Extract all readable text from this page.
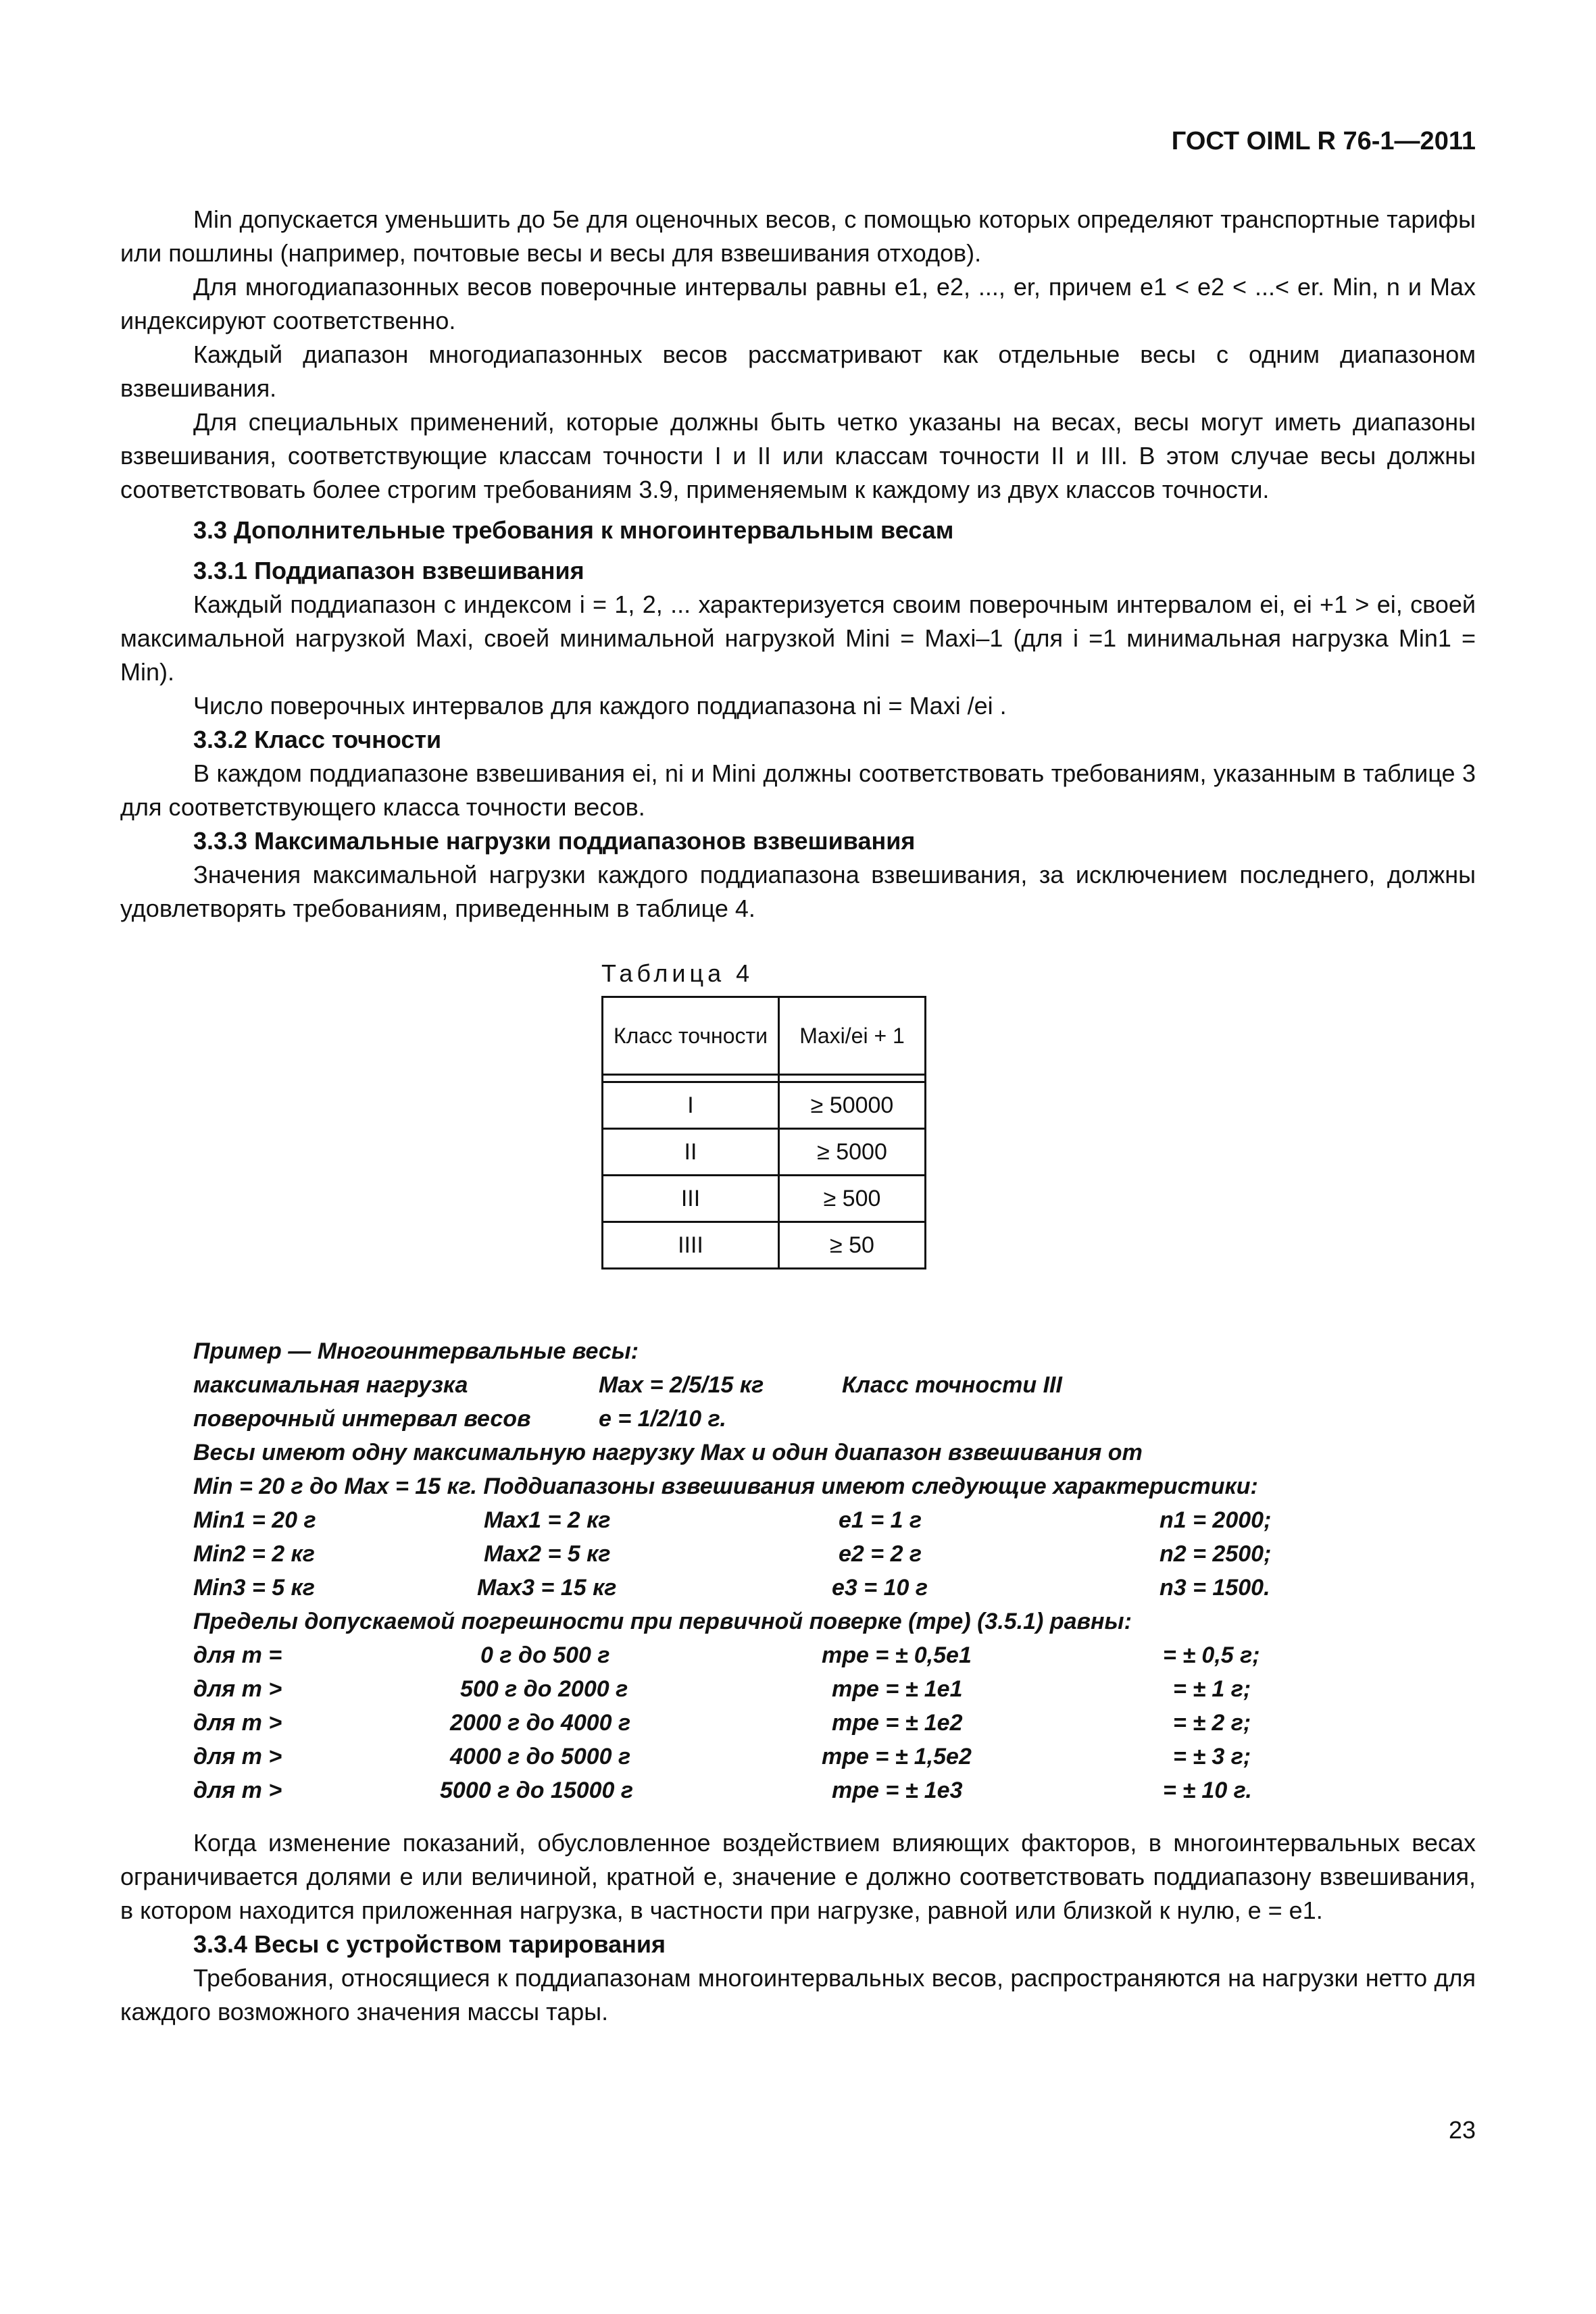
ГОСТ OIML R 76-1—2011

Min допускается уменьшить до 5e для оценочных весов, с помощью которых определяют транспортные тарифы или пошлины (например, почтовые весы и весы для взвешивания отходов).

Для многодиапазонных весов поверочные интервалы равны e1, e2, ..., er, причем e1 < e2 < ...< er. Min, n и Max индексируют соответственно.

Каждый диапазон многодиапазонных весов рассматривают как отдельные весы с одним диапазоном взвешивания.

Для специальных применений, которые должны быть четко указаны на весах, весы могут иметь диапазоны взвешивания, соответствующие классам точности I и II или классам точности II и III. В этом случае весы должны соответствовать более строгим требованиям 3.9, применяемым к каждому из двух классов точности.

3.3 Дополнительные требования к многоинтервальным весам
3.3.1 Поддиапазон взвешивания

Каждый поддиапазон с индексом i = 1, 2, ... характеризуется своим поверочным интервалом ei, ei +1 > ei, своей максимальной нагрузкой Maxi, своей минимальной нагрузкой Mini = Maxi–1 (для i =1 минимальная нагрузка Min1 = Min).

Число поверочных интервалов для каждого поддиапазона ni = Maxi /ei .

3.3.2 Класс точности

В каждом поддиапазоне взвешивания ei, ni и Mini должны соответствовать требованиям, указанным в таблице 3 для соответствующего класса точности весов.

3.3.3 Максимальные нагрузки поддиапазонов взвешивания

Значения максимальной нагрузки каждого поддиапазона взвешивания, за исключением последнего, должны удовлетворять требованиям, приведенным в таблице 4.

Таблица 4
Класс точности	Maxi/ei + 1

I	≥ 50000
II	≥ 5000
III	≥ 500
IIII	≥ 50
Пример — Многоинтервальные весы:
максимальная нагрузка	Max = 2/5/15 кг	Класс точности III
поверочный интервал весов	e = 1/2/10 г.
Весы имеют одну максимальную нагрузку Max и один диапазон взвешивания от
Min = 20 г до Max = 15 кг. Поддиапазоны взвешивания имеют следующие характеристики:
Min1 = 20 г	Max1 = 2 кг	e1 = 1 г	n1 = 2000;
Min2 = 2 кг	Max2 = 5 кг	e2 = 2 г	n2 = 2500;
Min3 = 5 кг	Max3 = 15 кг	e3 = 10 г	n3 = 1500.
Пределы допускаемой погрешности при первичной поверке (mpe) (3.5.1) равны:
для m =	0 г до 500 г	mpe = ± 0,5e1	= ± 0,5 г;
для m >	500 г до 2000 г	mpe = ± 1e1	= ± 1 г;
для m >	2000 г до 4000 г	mpe = ± 1e2	= ± 2 г;
для m >	4000 г до 5000 г	mpe = ± 1,5e2	= ± 3 г;
для m >	5000 г до 15000 г	mpe = ± 1e3	= ± 10 г.

Когда изменение показаний, обусловленное воздействием влияющих факторов, в многоинтервальных весах ограничивается долями e или величиной, кратной e, значение e должно соответствовать поддиапазону взвешивания, в котором находится приложенная нагрузка, в частности при нагрузке, равной или близкой к нулю, e = e1.

3.3.4 Весы с устройством тарирования

Требования, относящиеся к поддиапазонам многоинтервальных весов, распространяются на нагрузки нетто для каждого возможного значения массы тары.

23
